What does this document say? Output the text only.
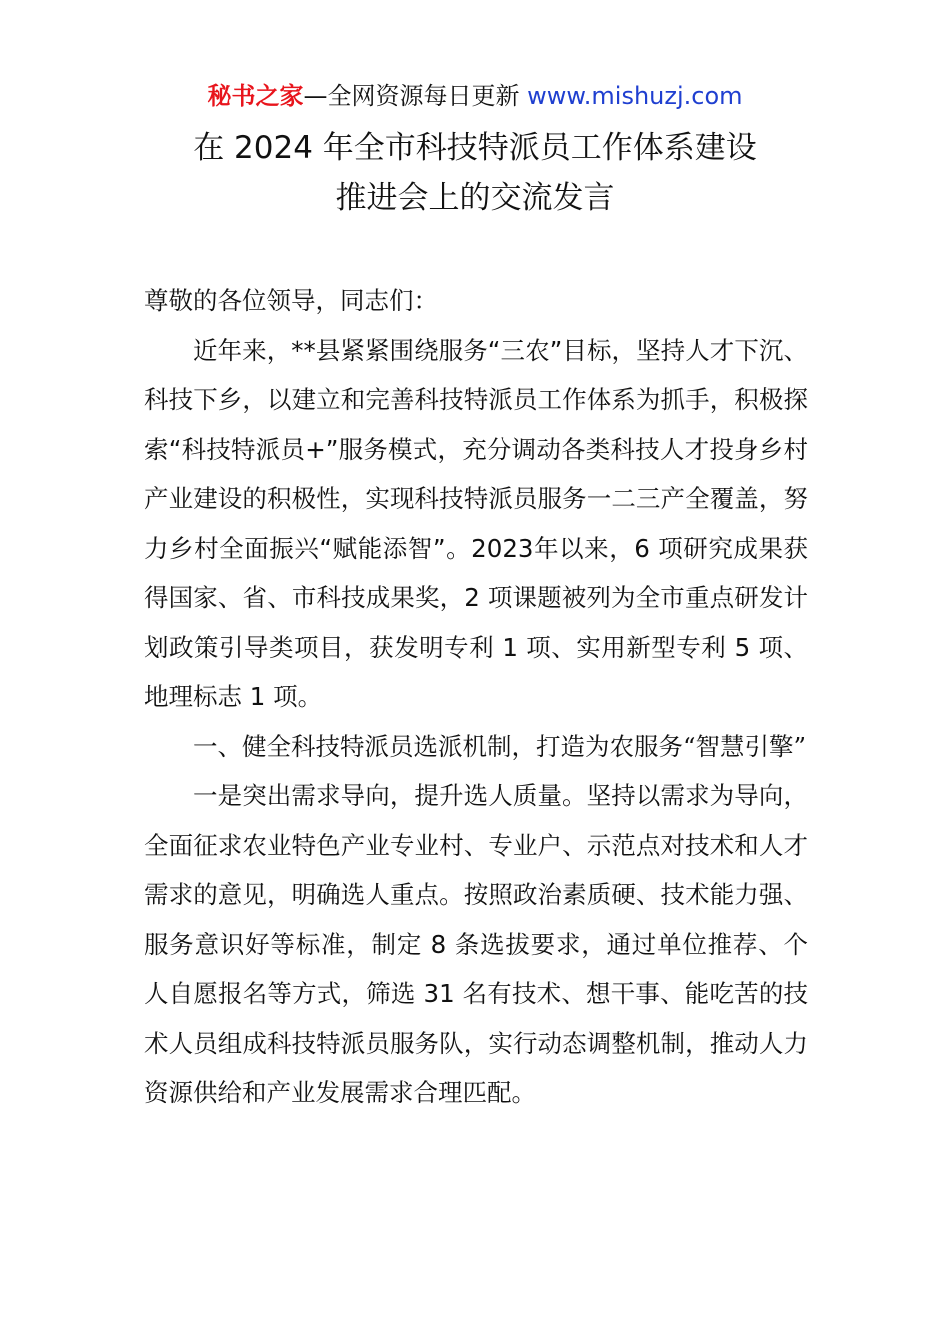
秘书之家—全网资源每日更新 www.mishuzj.com
在 2024 年全市科技特派员工作体系建设
推进会上的交流发言

尊敬的各位领导，同志们：

近年来，**县紧紧围绕服务“三农”目标，坚持人才下沉、科技下乡，以建立和完善科技特派员工作体系为抓手，积极探索“科技特派员+”服务模式，充分调动各类科技人才投身乡村产业建设的积极性，实现科技特派员服务一二三产全覆盖，努力乡村全面振兴“赋能添智”。2023年以来，6 项研究成果获得国家、省、市科技成果奖，2 项课题被列为全市重点研发计划政策引导类项目，获发明专利 1 项、实用新型专利 5 项、地理标志 1 项。

一、健全科技特派员选派机制，打造为农服务“智慧引擎”

一是突出需求导向，提升选人质量。坚持以需求为导向，全面征求农业特色产业专业村、专业户、示范点对技术和人才需求的意见，明确选人重点。按照政治素质硬、技术能力强、服务意识好等标准，制定 8 条选拔要求，通过单位推荐、个人自愿报名等方式，筛选 31 名有技术、想干事、能吃苦的技术人员组成科技特派员服务队，实行动态调整机制，推动人力资源供给和产业发展需求合理匹配。
